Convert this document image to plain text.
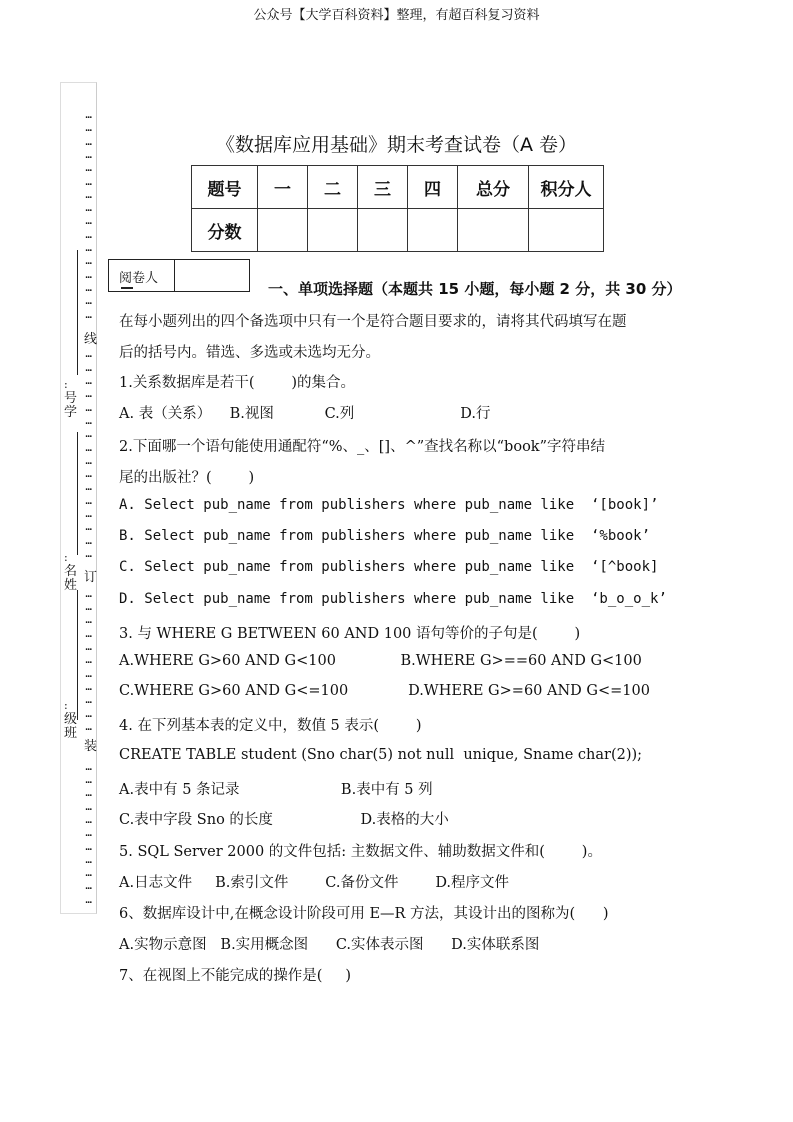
公众号【大学百科资料】整理，有超百科复习资料
...
...
...
...
...
...
...
...
...
...
...
...
...
...
...
...
...
...
...
...
...
...
...
...
...
...
...
...
...
...
...
...
...
...
...
...
...
...
...
...
...
...
...
...
...
...
...
...
...
...
...
...
...
...
线
订
装
:
号学
:
名姓
:
级班
《数据库应用基础》期末考查试卷（A 卷）
题号	一	二	三	四	总分	积分人
分数						
阅卷人
一、单项选择题（本题共 15 小题，每小题 2 分，共 30 分）
在每小题列出的四个备选项中只有一个是符合题目要求的，请将其代码填写在题
后的括号内。错选、多选或未选均无分。
1.关系数据库是若干(        )的集合。
A. 表（关系）    B.视图           C.列                       D.行
2.下面哪一个语句能使用通配符“%、_、[]、^”查找名称以“book”字符串结
尾的出版社？(        )
A. Select pub_name from publishers where pub_name like  ‘[book]’
B. Select pub_name from publishers where pub_name like  ‘%book’
C. Select pub_name from publishers where pub_name like  ‘[^book]
D. Select pub_name from publishers where pub_name like  ‘b_o_o_k’
3. 与 WHERE G BETWEEN 60 AND 100 语句等价的子句是(        )
A.WHERE G>60 AND G<100              B.WHERE G>==60 AND G<100
C.WHERE G>60 AND G<=100             D.WHERE G>=60 AND G<=100
4. 在下列基本表的定义中，数值 5 表示(        )
CREATE TABLE student (Sno char(5) not null  unique, Sname char(2));
A.表中有 5 条记录                      B.表中有 5 列
C.表中字段 Sno 的长度                   D.表格的大小
5. SQL Server 2000 的文件包括: 主数据文件、辅助数据文件和(        )。
A.日志文件     B.索引文件        C.备份文件        D.程序文件
6、数据库设计中,在概念设计阶段可用 E—R 方法，其设计出的图称为(      )
A.实物示意图   B.实用概念图      C.实体表示图      D.实体联系图
7、在视图上不能完成的操作是(     )
